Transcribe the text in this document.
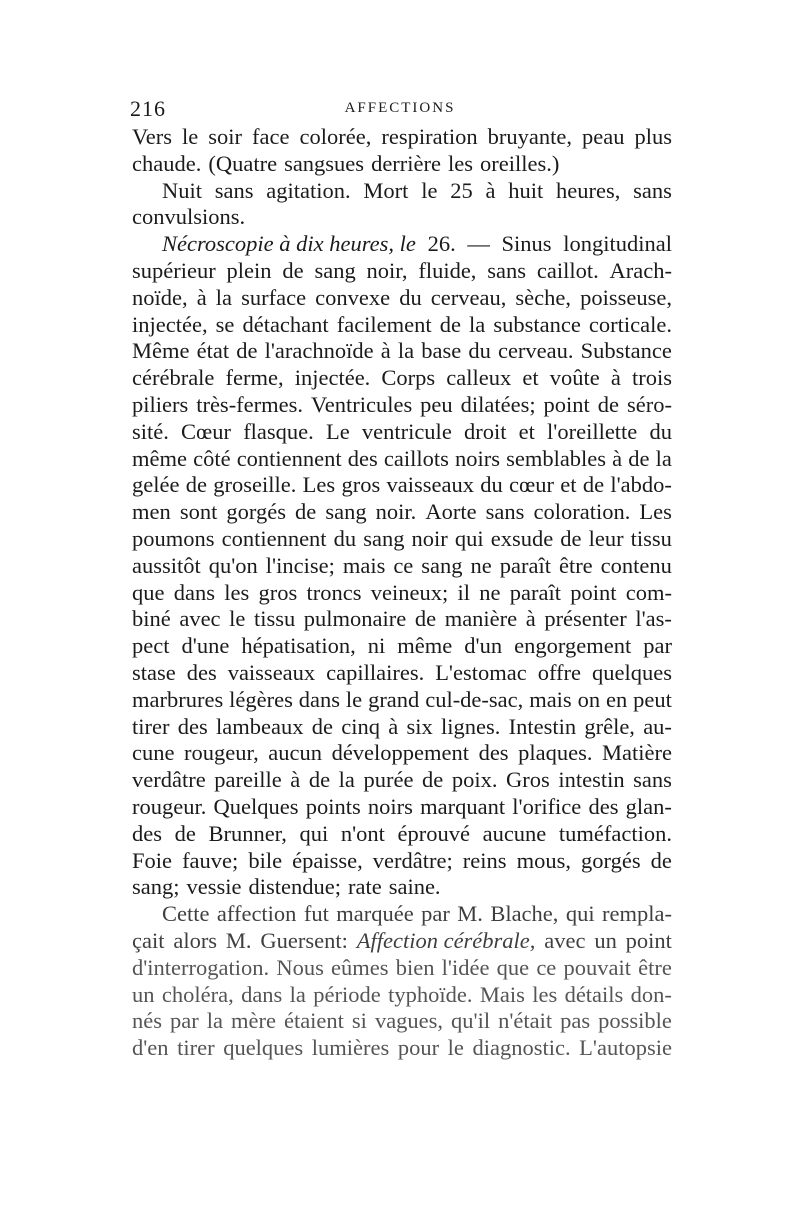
216	AFFECTIONS
Vers le soir face colorée, respiration bruyante, peau plus
chaude. (Quatre sangsues derrière les oreilles.)
Nuit sans agitation. Mort le 25 à huit heures, sans
convulsions.
Nécroscopie à dix heures, le 26. — Sinus longitudinal
supérieur plein de sang noir, fluide, sans caillot. Arach-
noïde, à la surface convexe du cerveau, sèche, poisseuse,
injectée, se détachant facilement de la substance corticale.
Même état de l'arachnoïde à la base du cerveau. Substance
cérébrale ferme, injectée. Corps calleux et voûte à trois
piliers très-fermes. Ventricules peu dilatées; point de séro-
sité. Cœur flasque. Le ventricule droit et l'oreillette du
même côté contiennent des caillots noirs semblables à de la
gelée de groseille. Les gros vaisseaux du cœur et de l'abdo-
men sont gorgés de sang noir. Aorte sans coloration. Les
poumons contiennent du sang noir qui exsude de leur tissu
aussitôt qu'on l'incise; mais ce sang ne paraît être contenu
que dans les gros troncs veineux; il ne paraît point com-
biné avec le tissu pulmonaire de manière à présenter l'as-
pect d'une hépatisation, ni même d'un engorgement par
stase des vaisseaux capillaires. L'estomac offre quelques
marbrures légères dans le grand cul-de-sac, mais on en peut
tirer des lambeaux de cinq à six lignes. Intestin grêle, au-
cune rougeur, aucun développement des plaques. Matière
verdâtre pareille à de la purée de poix. Gros intestin sans
rougeur. Quelques points noirs marquant l'orifice des glan-
des de Brunner, qui n'ont éprouvé aucune tuméfaction.
Foie fauve; bile épaisse, verdâtre; reins mous, gorgés de
sang; vessie distendue; rate saine.
Cette affection fut marquée par M. Blache, qui rempla-
çait alors M. Guersent: Affection cérébrale, avec un point
d'interrogation. Nous eûmes bien l'idée que ce pouvait être
un choléra, dans la période typhoïde. Mais les détails don-
nés par la mère étaient si vagues, qu'il n'était pas possible
d'en tirer quelques lumières pour le diagnostic. L'autopsie
